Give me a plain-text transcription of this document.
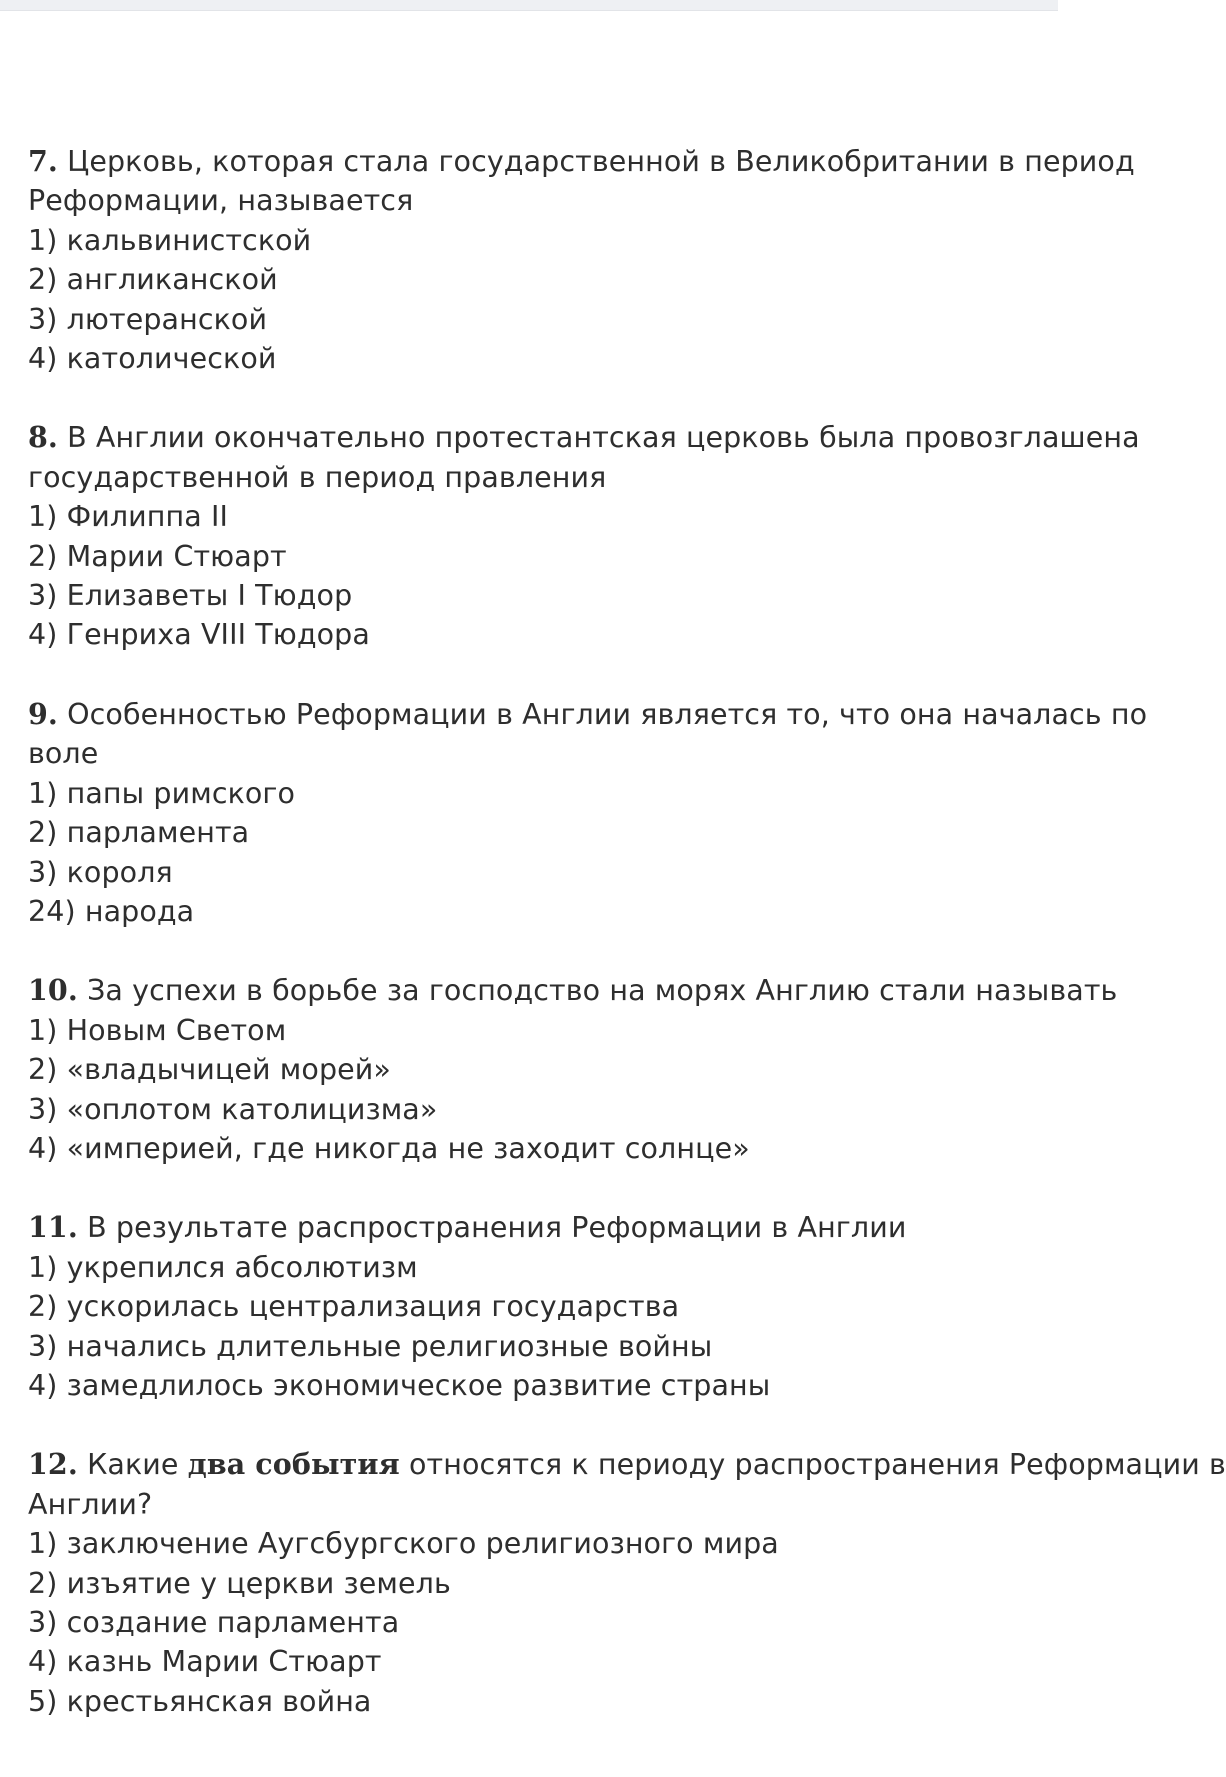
7. Церковь, которая стала государственной в Великобритании в период
Реформации, называется
1) кальвинистской
2) англиканской
3) лютеранской
4) католической
8. В Англии окончательно протестантская церковь была провозглашена
государственной в период правления
1) Филиппа II
2) Марии Стюарт
3) Елизаветы I Тюдор
4) Генриха VIII Тюдора
9. Особенностью Реформации в Англии является то, что она началась по
воле
1) папы римского
2) парламента
3) короля
24) народа
10. За успехи в борьбе за господство на морях Англию стали называть
1) Новым Светом
2) «владычицей морей»
3) «оплотом католицизма»
4) «империей, где никогда не заходит солнце»
11. В результате распространения Реформации в Англии
1) укрепился абсолютизм
2) ускорилась централизация государства
3) начались длительные религиозные войны
4) замедлилось экономическое развитие страны
12. Какие два события относятся к периоду распространения Реформации в
Англии?
1) заключение Аугсбургского религиозного мира
2) изъятие у церкви земель
3) создание парламента
4) казнь Марии Стюарт
5) крестьянская война
